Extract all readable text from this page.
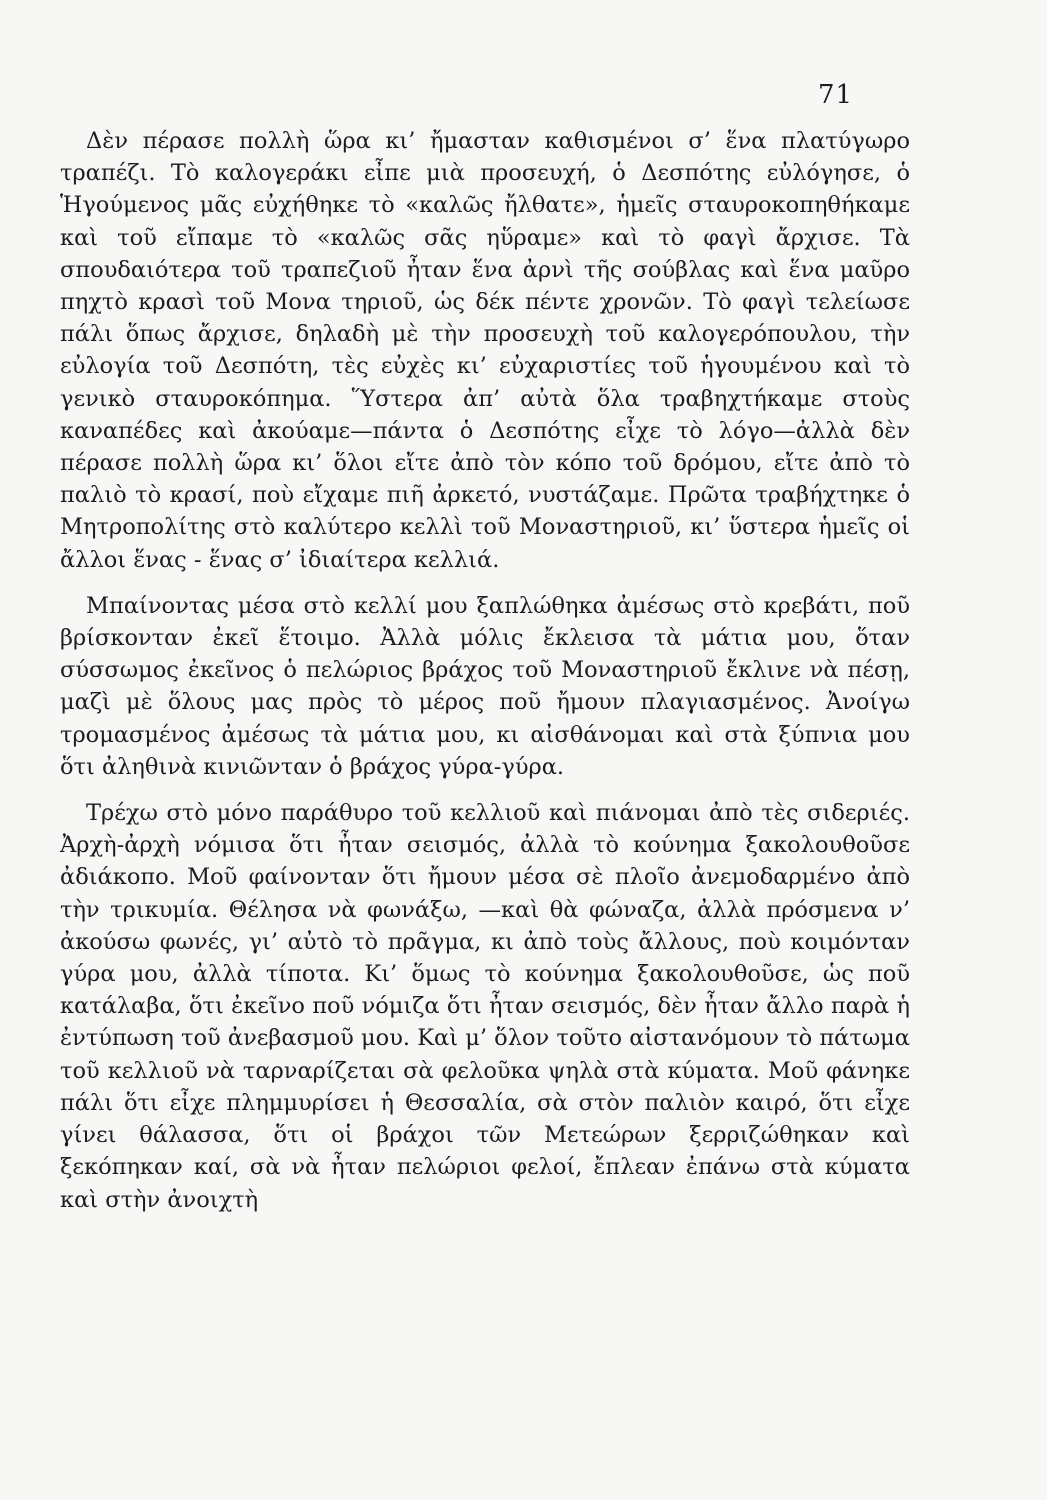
71

Δὲν πέρασε πολλὴ ὥρα κι’ ἤμασταν καθισμένοι σ’ ἕνα πλατύγωρο τραπέζι. Τὸ καλογεράκι εἶπε μιὰ προσευχή, ὁ Δεσπότης εὐλόγησε, ὁ Ἡγούμενος μᾶς εὐχήθηκε τὸ «καλῶς ἤλθατε», ἡμεῖς σταυροκοπηθήκαμε καὶ τοῦ εἴπαμε τὸ «καλῶς σᾶς ηὕραμε» καὶ τὸ φαγὶ ἄρχισε. Τὰ σπουδαιότερα τοῦ τραπεζιοῦ ἦταν ἕνα ἀρνὶ τῆς σούβλας καὶ ἕνα μαῦρο πηχτὸ κρασὶ τοῦ Μονα τηριοῦ, ὡς δέκ πέντε χρονῶν. Τὸ φαγὶ τελείωσε πάλι ὅπως ἄρχισε, δηλαδὴ μὲ τὴν προσευχὴ τοῦ καλογερόπουλου, τὴν εὐλογία τοῦ Δεσπότη, τὲς εὐχὲς κι’ εὐχαριστίες τοῦ ἡγουμένου καὶ τὸ γενικὸ σταυροκόπημα. Ὕστερα ἀπ’ αὐτὰ ὅλα τραβηχτήκαμε στοὺς καναπέδες καὶ ἀκούαμε—πάντα ὁ Δεσπότης εἶχε τὸ λόγο—ἀλλὰ δὲν πέρασε πολλὴ ὥρα κι’ ὅλοι εἴτε ἀπὸ τὸν κόπο τοῦ δρόμου, εἴτε ἀπὸ τὸ παλιὸ τὸ κρασί, ποὺ εἴχαμε πιῆ ἀρκετό, νυστάζαμε. Πρῶτα τραβήχτηκε ὁ Μητροπολίτης στὸ καλύτερο κελλὶ τοῦ Μοναστηριοῦ, κι’ ὕστερα ἡμεῖς οἱ ἄλλοι ἕνας - ἕνας σ’ ἰδιαίτερα κελλιά.

Μπαίνοντας μέσα στὸ κελλί μου ξαπλώθηκα ἀμέσως στὸ κρεβάτι, ποῦ βρίσκονταν ἐκεῖ ἕτοιμο. Ἀλλὰ μόλις ἔκλεισα τὰ μάτια μου, ὅταν σύσσωμος ἐκεῖνος ὁ πελώριος βράχος τοῦ Μοναστηριοῦ ἔκλινε νὰ πέσῃ, μαζὶ μὲ ὅλους μας πρὸς τὸ μέρος ποῦ ἤμουν πλαγιασμένος. Ἀνοίγω τρομασμένος ἀμέσως τὰ μάτια μου, κι αἰσθάνομαι καὶ στὰ ξύπνια μου ὅτι ἀληθινὰ κινιῶνταν ὁ βράχος γύρα-γύρα.

Τρέχω στὸ μόνο παράθυρο τοῦ κελλιοῦ καὶ πιάνομαι ἀπὸ τὲς σιδεριές. Ἀρχὴ-ἀρχὴ νόμισα ὅτι ἦταν σεισμός, ἀλλὰ τὸ κούνημα ξακολουθοῦσε ἀδιάκοπο. Μοῦ φαίνονταν ὅτι ἤμουν μέσα σὲ πλοῖο ἀνεμοδαρμένο ἀπὸ τὴν τρικυμία. Θέλησα νὰ φωνάξω, —καὶ θὰ φώναζα, ἀλλὰ πρόσμενα ν’ ἀκούσω φωνές, γι’ αὐτὸ τὸ πρᾶγμα, κι ἀπὸ τοὺς ἄλλους, ποὺ κοιμόνταν γύρα μου, ἀλλὰ τίποτα. Κι’ ὅμως τὸ κούνημα ξακολουθοῦσε, ὡς ποῦ κατάλαβα, ὅτι ἐκεῖνο ποῦ νόμιζα ὅτι ἦταν σεισμός, δὲν ἦταν ἄλλο παρὰ ἡ ἐντύπωση τοῦ ἀνεβασμοῦ μου. Καὶ μ’ ὅλον τοῦτο αἰστανόμουν τὸ πάτωμα τοῦ κελλιοῦ νὰ ταρναρίζεται σὰ φελοῦκα ψηλὰ στὰ κύματα. Μοῦ φάνηκε πάλι ὅτι εἶχε πλημμυρίσει ἡ Θεσσαλία, σὰ στὸν παλιὸν καιρό, ὅτι εἶχε γίνει θάλασσα, ὅτι οἱ βράχοι τῶν Μετεώρων ξερριζώθηκαν καὶ ξεκόπηκαν καί, σὰ νὰ ἦταν πελώριοι φελοί, ἔπλεαν ἐπάνω στὰ κύματα καὶ στὴν ἀνοιχτὴ
